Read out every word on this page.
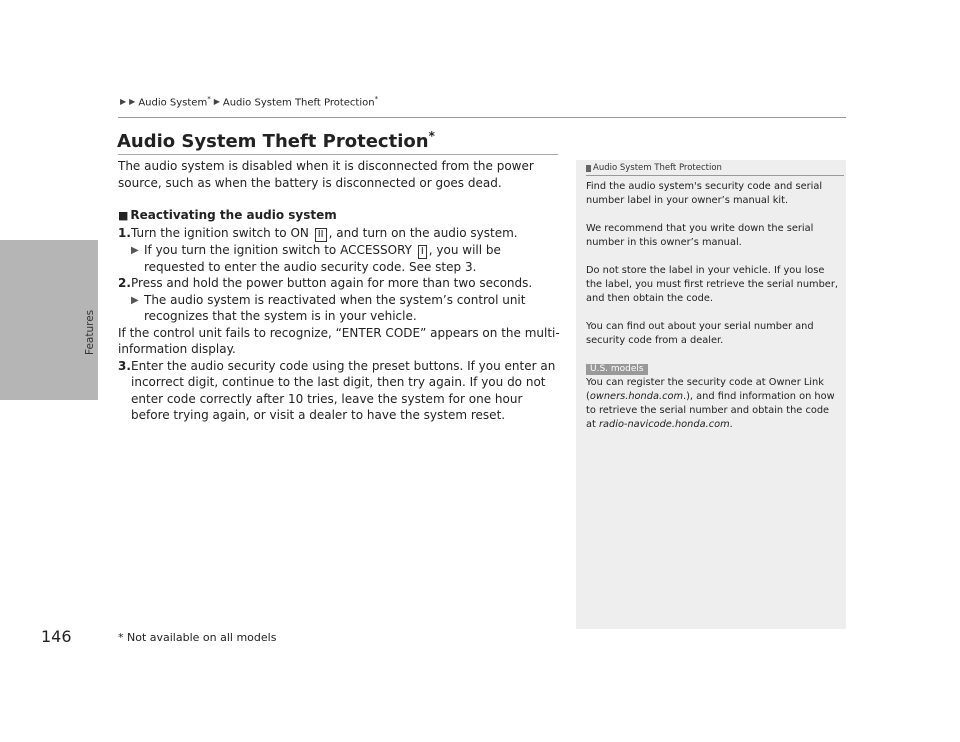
Features
146
▶ ▶ Audio System* ▶ Audio System Theft Protection*
Audio System Theft Protection*

The audio system is disabled when it is disconnected from the power source, such as when the battery is disconnected or goes dead.

■ Reactivating the audio system

1. Turn the ignition switch to ON II , and turn on the audio system.
▶ If you turn the ignition switch to ACCESSORY I , you will be requested to enter the audio security code. See step 3.
2. Press and hold the power button again for more than two seconds.
▶ The audio system is reactivated when the system’s control unit recognizes that the system is in your vehicle.

If the control unit fails to recognize, “ENTER CODE” appears on the multi-information display.

3. Enter the audio security code using the preset buttons. If you enter an incorrect digit, continue to the last digit, then try again. If you do not enter code correctly after 10 tries, leave the system for one hour before trying again, or visit a dealer to have the system reset.
Audio System Theft Protection

Find the audio system's security code and serial number label in your owner’s manual kit.

We recommend that you write down the serial number in this owner’s manual.

Do not store the label in your vehicle. If you lose the label, you must first retrieve the serial number, and then obtain the code.

You can find out about your serial number and security code from a dealer.

U.S. models

You can register the security code at Owner Link (owners.honda.com.), and find information on how to retrieve the serial number and obtain the code at radio-navicode.honda.com.

* Not available on all models
